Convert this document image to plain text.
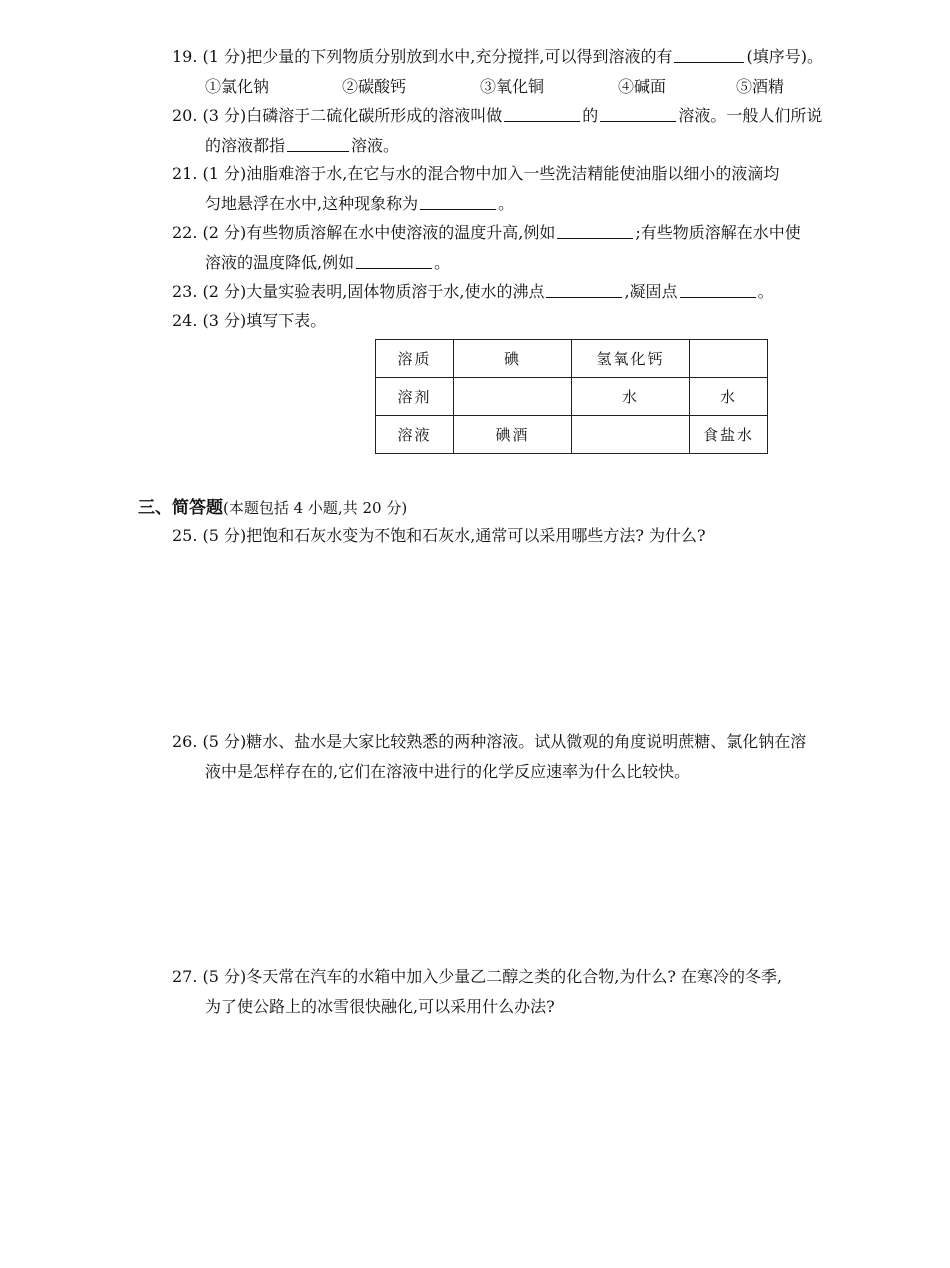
19. (1 分)把少量的下列物质分别放到水中,充分搅拌,可以得到溶液的有	(填序号)。
①氯化钠	②碳酸钙	③氧化铜	④碱面	⑤酒精
20. (3 分)白磷溶于二硫化碳所形成的溶液叫做	的	溶液。一般人们所说
的溶液都指	溶液。
21. (1 分)油脂难溶于水,在它与水的混合物中加入一些洗洁精能使油脂以细小的液滴均
匀地悬浮在水中,这种现象称为	。
22. (2 分)有些物质溶解在水中使溶液的温度升高,例如	;有些物质溶解在水中使
溶液的温度降低,例如	。
23. (2 分)大量实验表明,固体物质溶于水,使水的沸点	,凝固点	。
24. (3 分)填写下表。
溶质	碘	氢氧化钙	
溶剂		水	水
溶液	碘酒		食盐水
三、简答题(本题包括 4 小题,共 20 分)
25. (5 分)把饱和石灰水变为不饱和石灰水,通常可以采用哪些方法? 为什么?
26. (5 分)糖水、盐水是大家比较熟悉的两种溶液。试从微观的角度说明蔗糖、氯化钠在溶
液中是怎样存在的,它们在溶液中进行的化学反应速率为什么比较快。
27. (5 分)冬天常在汽车的水箱中加入少量乙二醇之类的化合物,为什么? 在寒冷的冬季,
为了使公路上的冰雪很快融化,可以采用什么办法?
